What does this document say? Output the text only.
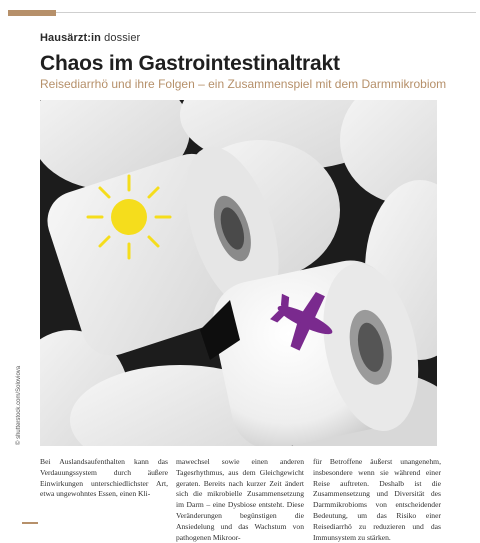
Hausärzt:in dossier
Chaos im Gastrointestinaltrakt
Reisediarrhö und ihre Folgen – ein Zusammenspiel mit dem Darmmikrobiom
© shutterstock.com/Soloviova
Bei Auslandsaufenthalten kann das Verdauungssystem durch äußere Einwirkungen unterschiedlichster Art, etwa ungewohntes Essen, einen Kli-
mawechsel sowie einen anderen Tagesrhythmus, aus dem Gleichgewicht geraten. Bereits nach kurzer Zeit ändert sich die mikrobielle Zusammensetzung im Darm – eine Dysbiose entsteht. Diese Veränderungen begünstigen die Ansiedelung und das Wachstum von pathogenen Mikroor-
für Betroffene äußerst unangenehm, insbesondere wenn sie während einer Reise auftreten. Deshalb ist die Zusammensetzung und Diversität des Darmmikrobioms von entscheidender Bedeutung, um das Risiko einer Reisediarrhö zu reduzieren und das Immunsystem zu stärken.
